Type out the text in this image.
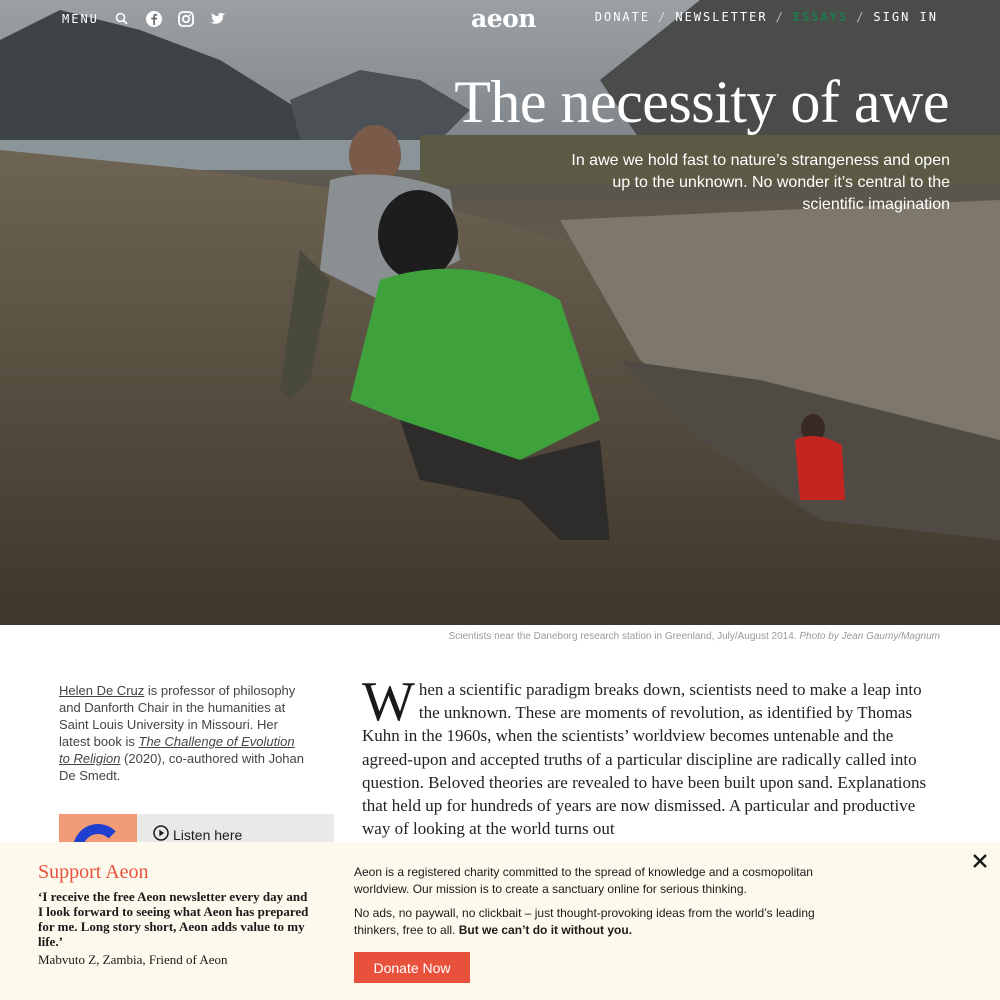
MENU	aeon	DONATE / NEWSLETTER / ESSAYS / SIGN IN
The necessity of awe

In awe we hold fast to nature’s strangeness and open up to the unknown. No wonder it’s central to the scientific imagination

Scientists near the Daneborg research station in Greenland, July/August 2014. Photo by Jean Gaumy/Magnum
Helen De Cruz is professor of philosophy and Danforth Chair in the humanities at Saint Louis University in Missouri. Her latest book is The Challenge of Evolution to Religion (2020), co-authored with Johan De Smedt.
Listen here
When a scientific paradigm breaks down, scientists need to make a leap into the unknown. These are moments of revolution, as identified by Thomas Kuhn in the 1960s, when the scientists’ worldview becomes untenable and the agreed-upon and accepted truths of a particular discipline are radically called into question. Beloved theories are revealed to have been built upon sand. Explanations that held up for hundreds of years are now dismissed. A particular and productive way of looking at the world turns out
Support Aeon

‘I receive the free Aeon newsletter every day and I look forward to seeing what Aeon has prepared for me. Long story short, Aeon adds value to my life.’

Mabvuto Z, Zambia, Friend of Aeon

Aeon is a registered charity committed to the spread of knowledge and a cosmopolitan worldview. Our mission is to create a sanctuary online for serious thinking.

No ads, no paywall, no clickbait – just thought-provoking ideas from the world’s leading thinkers, free to all. But we can’t do it without you.

Donate Now
